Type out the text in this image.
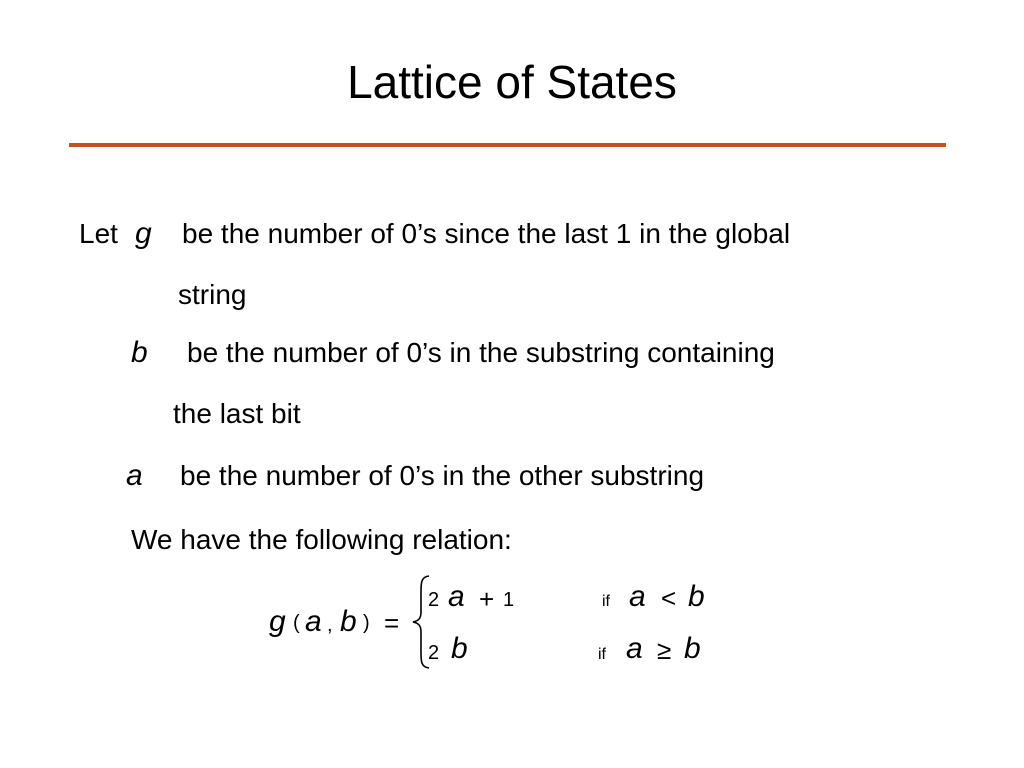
Lattice of States
Let g be the number of 0’s since the last 1 in the global
string
b be the number of 0’s in the substring containing
the last bit
a be the number of 0’s in the other substring
We have the following relation:
g ( a , b ) =
2 a + 1	if a < b
2 b	if a ≥ b
